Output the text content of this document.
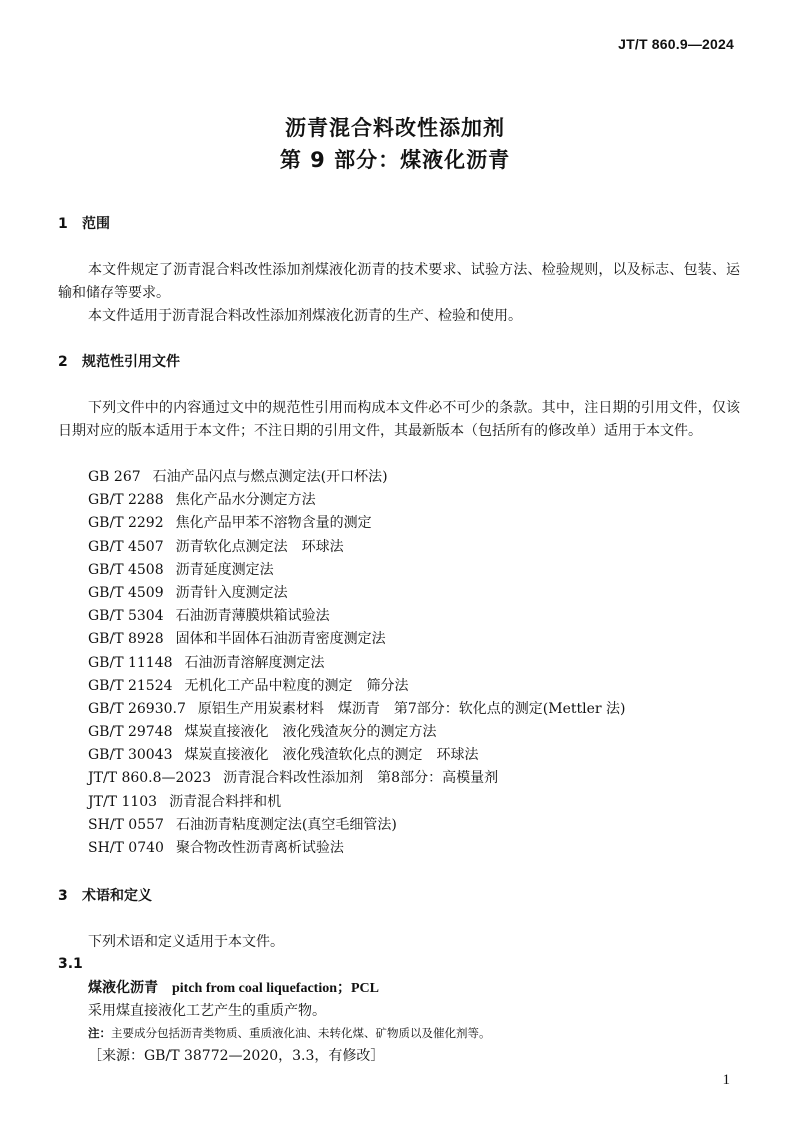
JT/T 860.9—2024
沥青混合料改性添加剂
第 9 部分：煤液化沥青
1 范围

本文件规定了沥青混合料改性添加剂煤液化沥青的技术要求、试验方法、检验规则，以及标志、包装、运输和储存等要求。

本文件适用于沥青混合料改性添加剂煤液化沥青的生产、检验和使用。

2 规范性引用文件

下列文件中的内容通过文中的规范性引用而构成本文件必不可少的条款。其中，注日期的引用文件，仅该日期对应的版本适用于本文件；不注日期的引用文件，其最新版本（包括所有的修改单）适用于本文件。

GB 267 石油产品闪点与燃点测定法(开口杯法)
GB/T 2288 焦化产品水分测定方法
GB/T 2292 焦化产品甲苯不溶物含量的测定
GB/T 4507 沥青软化点测定法　环球法
GB/T 4508 沥青延度测定法
GB/T 4509 沥青针入度测定法
GB/T 5304 石油沥青薄膜烘箱试验法
GB/T 8928 固体和半固体石油沥青密度测定法
GB/T 11148 石油沥青溶解度测定法
GB/T 21524 无机化工产品中粒度的测定　筛分法
GB/T 26930.7 原铝生产用炭素材料　煤沥青　第7部分：软化点的测定(Mettler 法)
GB/T 29748 煤炭直接液化　液化残渣灰分的测定方法
GB/T 30043 煤炭直接液化　液化残渣软化点的测定　环球法
JT/T 860.8—2023 沥青混合料改性添加剂　第8部分：高模量剂
JT/T 1103 沥青混合料拌和机
SH/T 0557 石油沥青粘度测定法(真空毛细管法)
SH/T 0740 聚合物改性沥青离析试验法
3 术语和定义

下列术语和定义适用于本文件。

3.1
煤液化沥青 pitch from coal liquefaction；PCL
采用煤直接液化工艺产生的重质产物。
注：主要成分包括沥青类物质、重质液化油、未转化煤、矿物质以及催化剂等。
［来源：GB/T 38772—2020，3.3，有修改］
1
